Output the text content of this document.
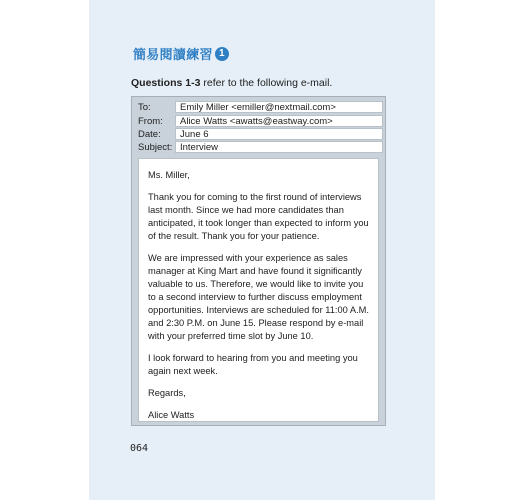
簡易閱讀練習 1
Questions 1-3 refer to the following e-mail.
To:	Emily Miller <emiller@nextmail.com>
From:	Alice Watts <awatts@eastway.com>
Date:	June 6
Subject: Interview

Ms. Miller,

Thank you for coming to the first round of interviews last month. Since we had more candidates than anticipated, it took longer than expected to inform you of the result. Thank you for your patience.

We are impressed with your experience as sales manager at King Mart and have found it significantly valuable to us. Therefore, we would like to invite you to a second interview to further discuss employment opportunities. Interviews are scheduled for 11:00 A.M. and 2:30 P.M. on June 15. Please respond by e-mail with your preferred time slot by June 10.

I look forward to hearing from you and meeting you again next week.

Regards,

Alice Watts

064
